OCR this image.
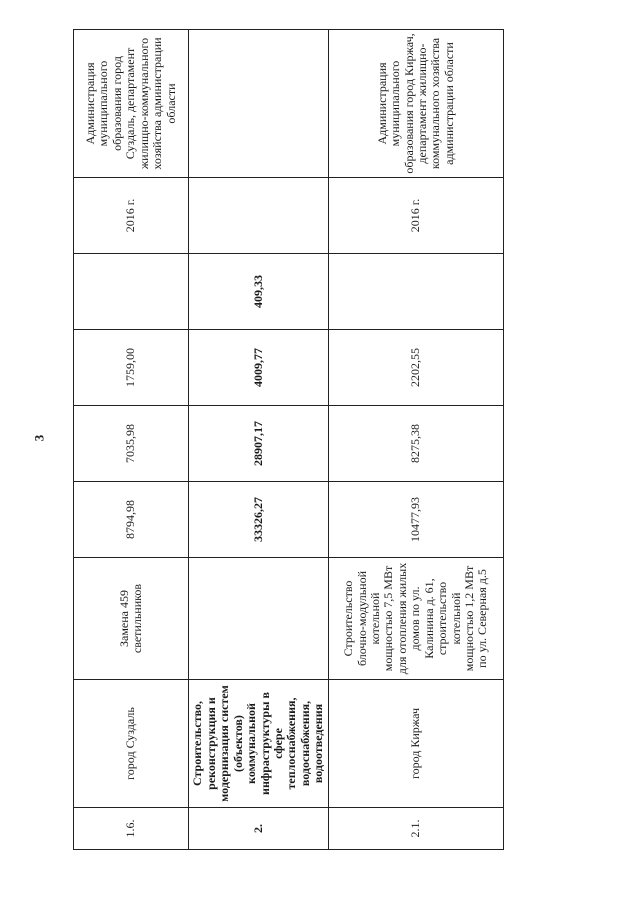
3
1.6.	город Суздаль	Замена 459 светильников	8794,98	7035,98	1759,00		2016 г.	Администрация муниципального образования город Суздаль, департамент жилищно-коммунального хозяйства администрации области
2.	Строительство, реконструкция и модернизация систем (объектов) коммунальной инфраструктуры в сфере теплоснабжения, водоснабжения, водоотведения		33326,27	28907,17	4009,77	409,33		
2.1.	город Киржач	Строительство блочно-модульной котельной мощностью 7,5 МВт для отопления жилых домов по ул. Калинина д. 61, строительство котельной мощностью 1,2 МВт по ул. Северная д.5	10477,93	8275,38	2202,55		2016 г.	Администрация муниципального образования город Киржач, департамент жилищно-коммунального хозяйства администрации области
